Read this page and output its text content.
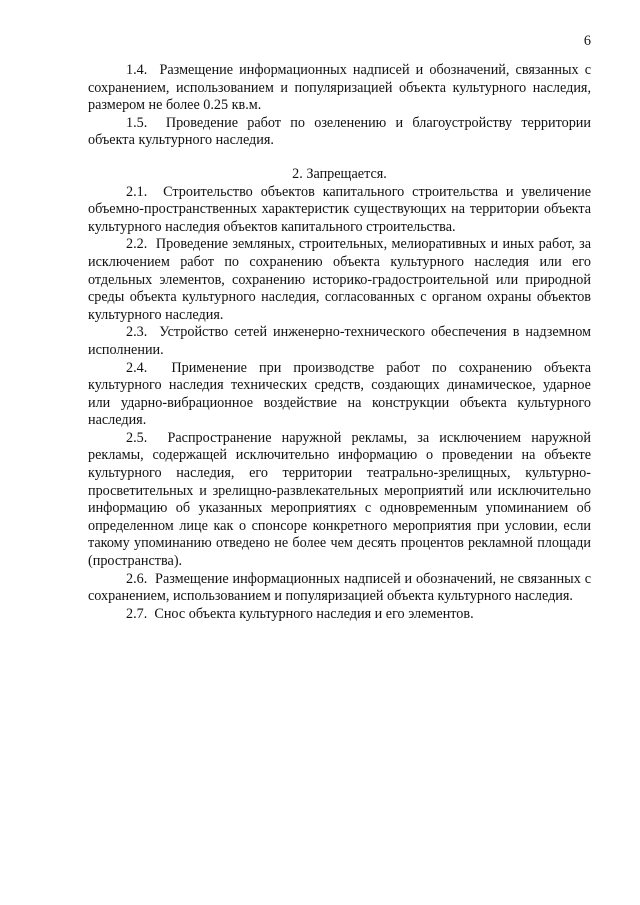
6

1.4.  Размещение информационных надписей и обозначений, связанных с сохранением, использованием и популяризацией объекта культурного наследия, размером не более 0.25 кв.м.

1.5.  Проведение работ по озеленению и благоустройству территории объекта культурного наследия.

2. Запрещается.

2.1.  Строительство объектов капитального строительства и увеличение объемно-пространственных характеристик существующих на территории объекта культурного наследия объектов капитального строительства.

2.2.  Проведение земляных, строительных, мелиоративных и иных работ, за исключением работ по сохранению объекта культурного наследия или его отдельных элементов, сохранению историко-градостроительной или природной среды объекта культурного наследия, согласованных с органом охраны объектов культурного наследия.

2.3.  Устройство сетей инженерно-технического обеспечения в надземном исполнении.

2.4.  Применение при производстве работ по сохранению объекта культурного наследия технических средств, создающих динамическое, ударное или ударно-вибрационное воздействие на конструкции объекта культурного наследия.

2.5.  Распространение наружной рекламы, за исключением наружной рекламы, содержащей исключительно информацию о проведении на объекте культурного наследия, его территории театрально-зрелищных, культурно-просветительных и зрелищно-развлекательных мероприятий или исключительно информацию об указанных мероприятиях с одновременным упоминанием об определенном лице как о спонсоре конкретного мероприятия при условии, если такому упоминанию отведено не более чем десять процентов рекламной площади (пространства).

2.6.  Размещение информационных надписей и обозначений, не связанных с сохранением, использованием и популяризацией объекта культурного наследия.

2.7.  Снос объекта культурного наследия и его элементов.
